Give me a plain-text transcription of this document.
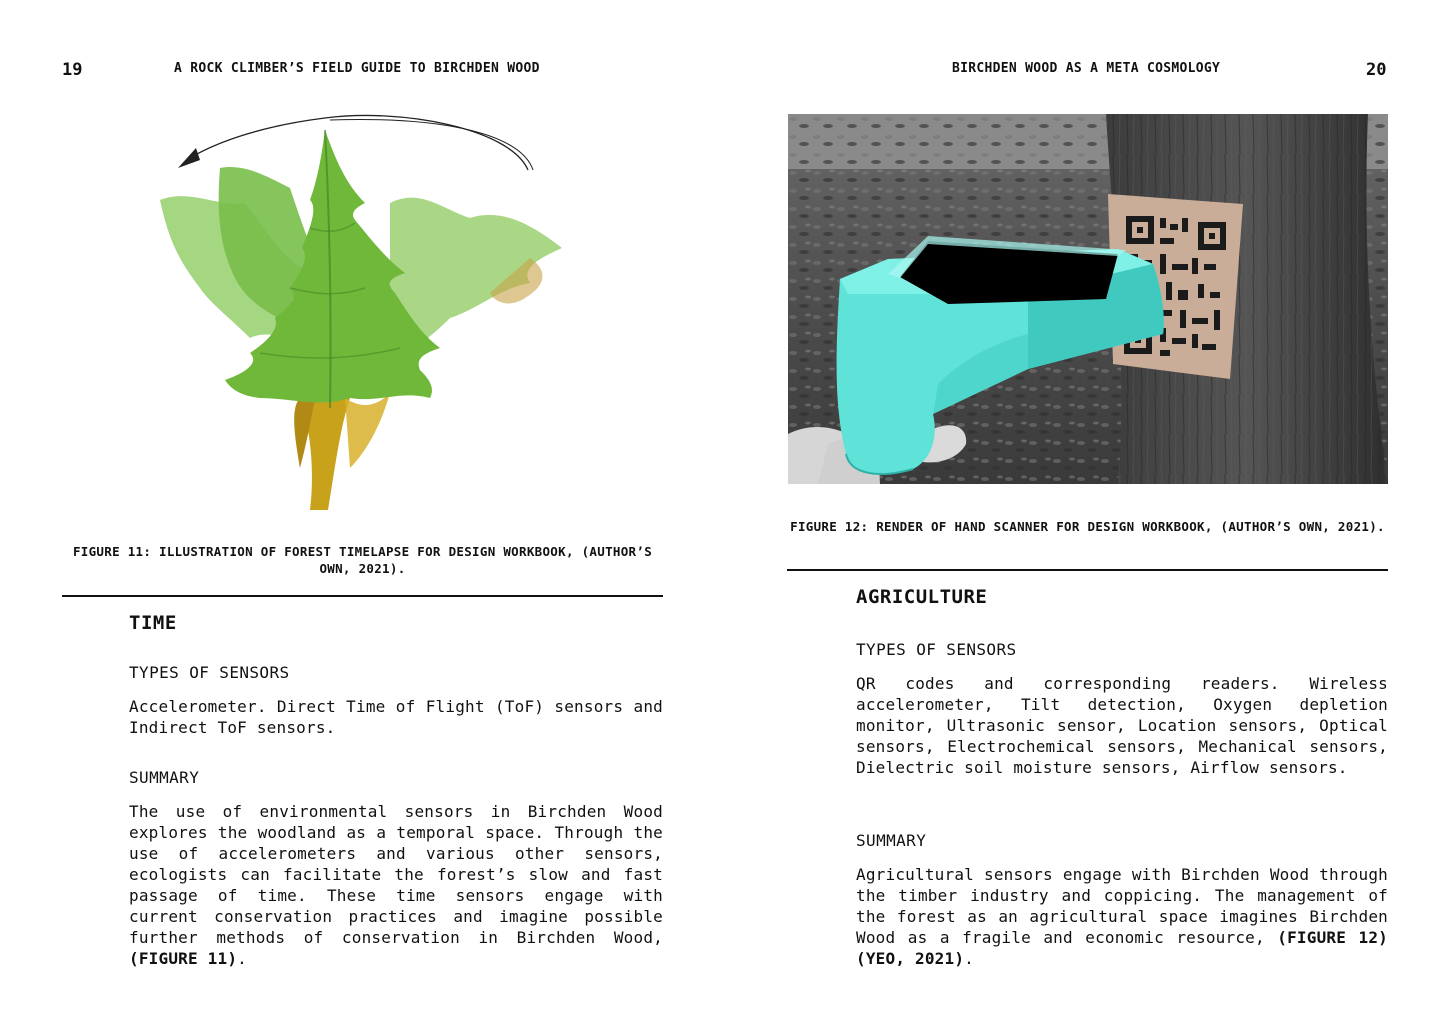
19	A ROCK CLIMBER’S FIELD GUIDE TO BIRCHDEN WOOD
FIGURE 11: ILLUSTRATION OF FOREST TIMELAPSE FOR DESIGN WORKBOOK, (AUTHOR’S OWN, 2021).
TIME
TYPES OF SENSORS
Accelerometer. Direct Time of Flight (ToF) sensors and Indirect ToF sensors.
SUMMARY
The use of environmental sensors in Birchden Wood explores the woodland as a temporal space. Through the use of accelerometers and various other sensors, ecologists can facilitate the forest’s slow and fast passage of time. These time sensors engage with current conservation practices and imagine possible further methods of conservation in Birchden Wood, (FIGURE 11).
BIRCHDEN WOOD AS A META COSMOLOGY	20
FIGURE 12: RENDER OF HAND SCANNER FOR DESIGN WORKBOOK, (AUTHOR’S OWN, 2021).
AGRICULTURE
TYPES OF SENSORS
QR codes and corresponding readers. Wireless accelerometer, Tilt detection, Oxygen depletion monitor, Ultrasonic sensor, Location sensors, Optical sensors, Electrochemical sensors, Mechanical sensors, Dielectric soil moisture sensors, Airflow sensors.
SUMMARY
Agricultural sensors engage with Birchden Wood through the timber industry and coppicing. The management of the forest as an agricultural space imagines Birchden Wood as a fragile and economic resource, (FIGURE 12)(YEO, 2021).
